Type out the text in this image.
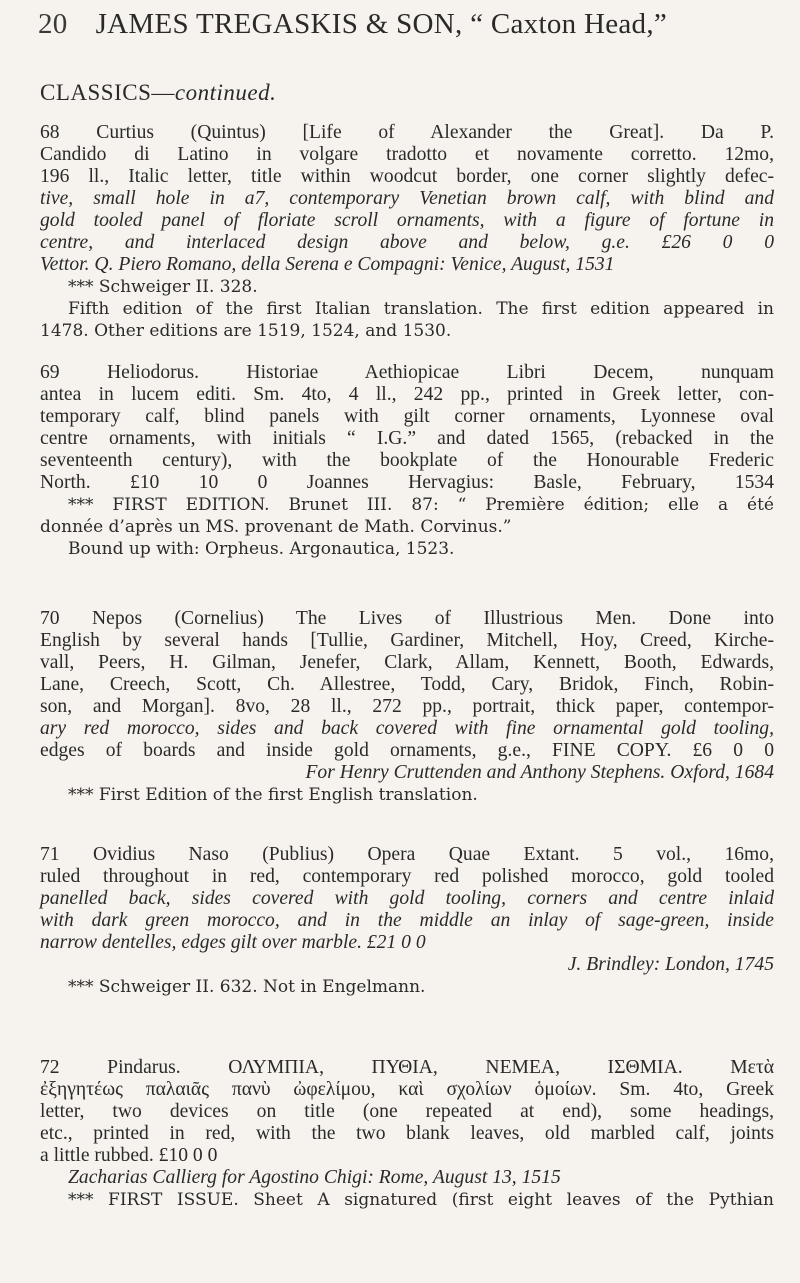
20 JAMES TREGASKIS & SON, “ Caxton Head,”
CLASSICS—continued.
68 Curtius (Quintus) [Life of Alexander the Great]. Da P.
Candido di Latino in volgare tradotto et novamente corretto. 12mo,
196 ll., Italic letter, title within woodcut border, one corner slightly defec-
tive, small hole in a7, contemporary Venetian brown calf, with blind and
gold tooled panel of floriate scroll ornaments, with a figure of fortune in
centre, and interlaced design above and below, g.e. £26 0 0
Vettor. Q. Piero Romano, della Serena e Compagni: Venice, August, 1531
*** Schweiger II. 328.
Fifth edition of the first Italian translation. The first edition appeared in
1478. Other editions are 1519, 1524, and 1530.
69 Heliodorus. Historiae Aethiopicae Libri Decem, nunquam
antea in lucem editi. Sm. 4to, 4 ll., 242 pp., printed in Greek letter, con-
temporary calf, blind panels with gilt corner ornaments, Lyonnese oval
centre ornaments, with initials “ I.G.” and dated 1565, (rebacked in the
seventeenth century), with the bookplate of the Honourable Frederic
North. £10 10 0 Joannes Hervagius: Basle, February, 1534
*** FIRST EDITION. Brunet III. 87: “ Première édition; elle a été
donnée d’après un MS. provenant de Math. Corvinus.”
Bound up with: Orpheus. Argonautica, 1523.
70 Nepos (Cornelius) The Lives of Illustrious Men. Done into
English by several hands [Tullie, Gardiner, Mitchell, Hoy, Creed, Kirche-
vall, Peers, H. Gilman, Jenefer, Clark, Allam, Kennett, Booth, Edwards,
Lane, Creech, Scott, Ch. Allestree, Todd, Cary, Bridok, Finch, Robin-
son, and Morgan]. 8vo, 28 ll., 272 pp., portrait, thick paper, contempor-
ary red morocco, sides and back covered with fine ornamental gold tooling,
edges of boards and inside gold ornaments, g.e., FINE COPY. £6 0 0
For Henry Cruttenden and Anthony Stephens. Oxford, 1684
*** First Edition of the first English translation.
71 Ovidius Naso (Publius) Opera Quae Extant. 5 vol., 16mo,
ruled throughout in red, contemporary red polished morocco, gold tooled
panelled back, sides covered with gold tooling, corners and centre inlaid
with dark green morocco, and in the middle an inlay of sage-green, inside
narrow dentelles, edges gilt over marble. £21 0 0
J. Brindley: London, 1745
*** Schweiger II. 632. Not in Engelmann.
72 Pindarus. ΟΛΥΜΠΙΑ, ΠΥΘΙΑ, ΝΕΜΕΑ, ΙΣΘΜΙΑ. Μετὰ
ἐξηγητέως παλαιᾶς πανὺ ὠφελίμου, καὶ σχολίων ὁμοίων. Sm. 4to, Greek
letter, two devices on title (one repeated at end), some headings,
etc., printed in red, with the two blank leaves, old marbled calf, joints
a little rubbed. £10 0 0
Zacharias Callierg for Agostino Chigi: Rome, August 13, 1515
*** FIRST ISSUE. Sheet A signatured (first eight leaves of the Pythian
